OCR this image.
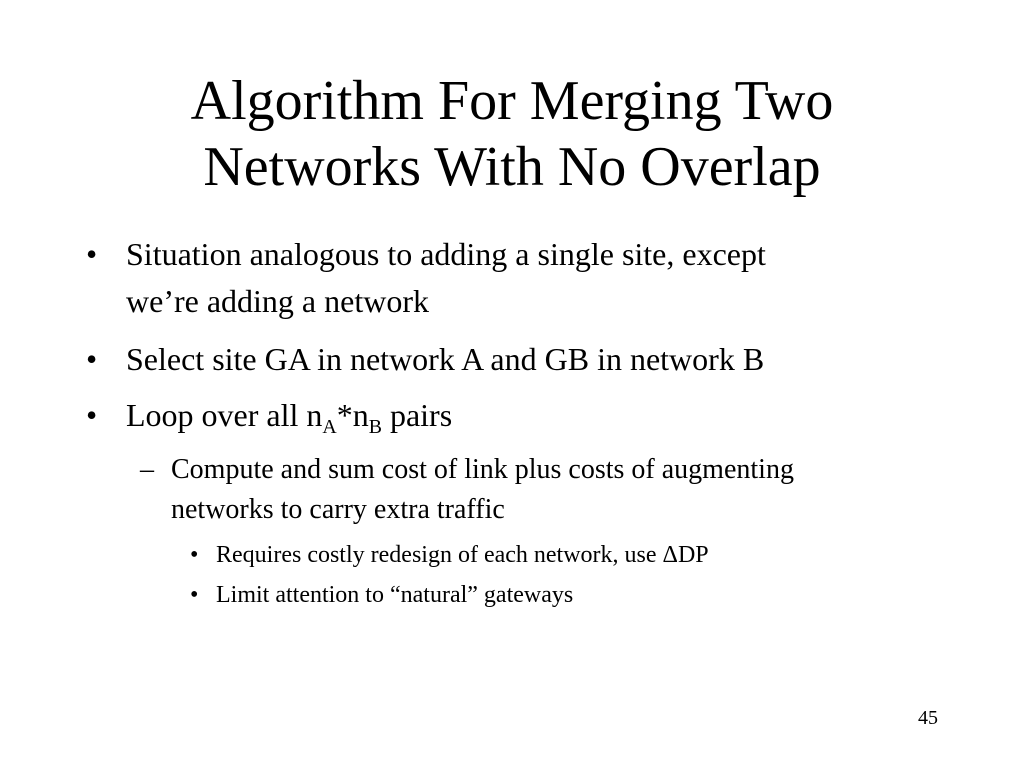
Algorithm For Merging Two
Networks With No Overlap
• Situation analogous to adding a single site, except
we’re adding a network
• Select site GA in network A and GB in network B
• Loop over all $n_A*n_B$ pairs
– Compute and sum cost of link plus costs of augmenting
networks to carry extra traffic
• Requires costly redesign of each network, use ΔDP
• Limit attention to “natural” gateways
45
